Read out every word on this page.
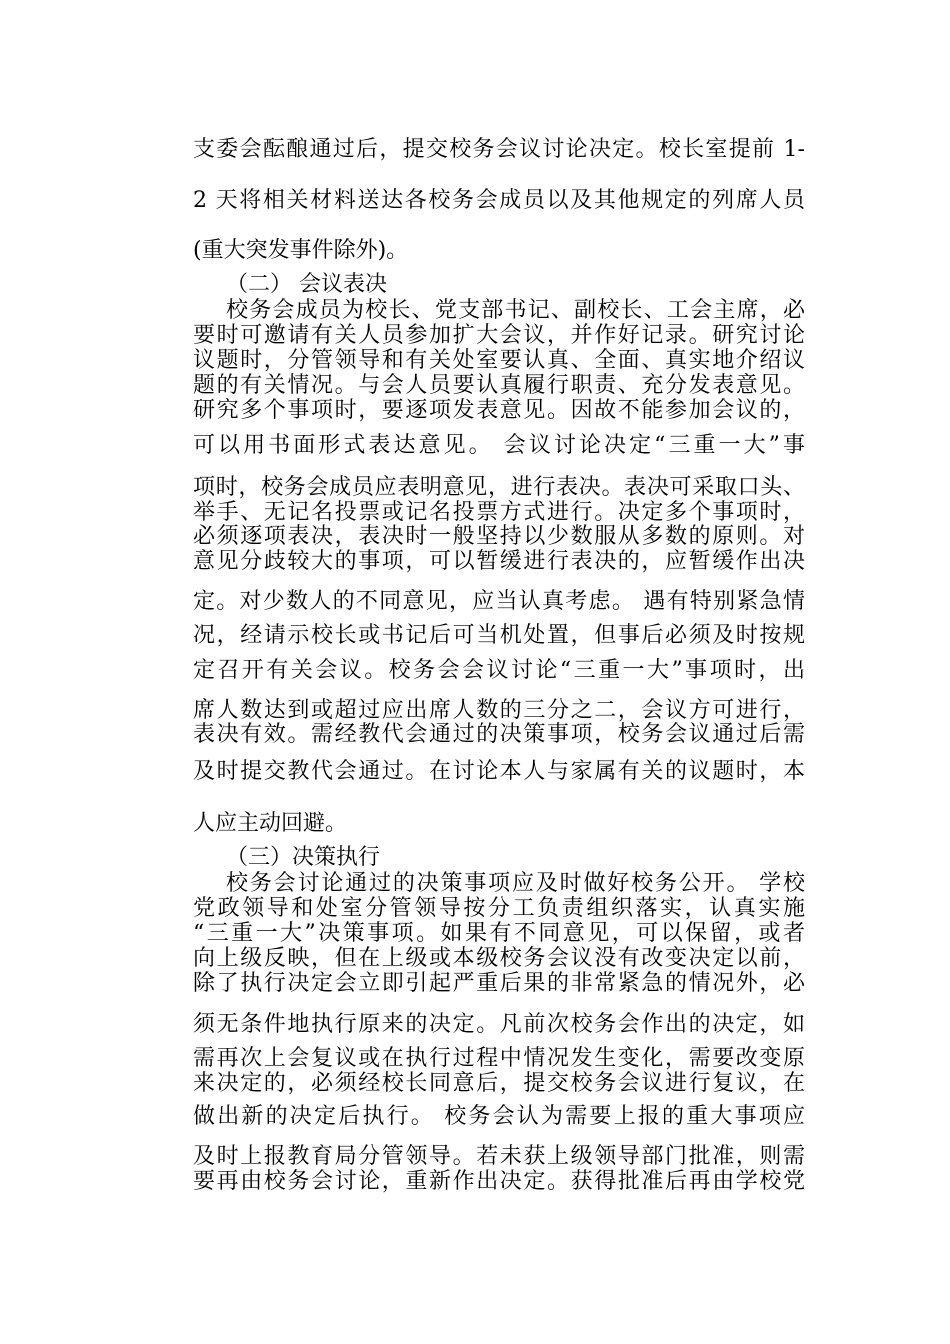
支委会酝酿通过后，提交校务会议讨论决定。校长室提前 1-
2 天将相关材料送达各校务会成员以及其他规定的列席人员
(重大突发事件除外)。
（二） 会议表决
校务会成员为校长、党支部书记、副校长、工会主席，必
要时可邀请有关人员参加扩大会议，并作好记录。研究讨论
议题时，分管领导和有关处室要认真、全面、真实地介绍议
题的有关情况。与会人员要认真履行职责、充分发表意见。
研究多个事项时，要逐项发表意见。因故不能参加会议的，
可以用书面形式表达意见。 会议讨论决定“三重一大”事
项时，校务会成员应表明意见，进行表决。表决可采取口头、
举手、无记名投票或记名投票方式进行。决定多个事项时，
必须逐项表决，表决时一般坚持以少数服从多数的原则。对
意见分歧较大的事项，可以暂缓进行表决的，应暂缓作出决
定。对少数人的不同意见，应当认真考虑。 遇有特别紧急情
况，经请示校长或书记后可当机处置，但事后必须及时按规
定召开有关会议。校务会会议讨论“三重一大”事项时，出
席人数达到或超过应出席人数的三分之二，会议方可进行，
表决有效。需经教代会通过的决策事项，校务会议通过后需
及时提交教代会通过。在讨论本人与家属有关的议题时，本
人应主动回避。
（三）决策执行
校务会讨论通过的决策事项应及时做好校务公开。 学校
党政领导和处室分管领导按分工负责组织落实，认真实施
“三重一大”决策事项。如果有不同意见，可以保留，或者
向上级反映，但在上级或本级校务会议没有改变决定以前，
除了执行决定会立即引起严重后果的非常紧急的情况外，必
须无条件地执行原来的决定。凡前次校务会作出的决定，如
需再次上会复议或在执行过程中情况发生变化，需要改变原
来决定的，必须经校长同意后，提交校务会议进行复议，在
做出新的决定后执行。 校务会认为需要上报的重大事项应
及时上报教育局分管领导。若未获上级领导部门批准，则需
要再由校务会讨论，重新作出决定。获得批准后再由学校党
